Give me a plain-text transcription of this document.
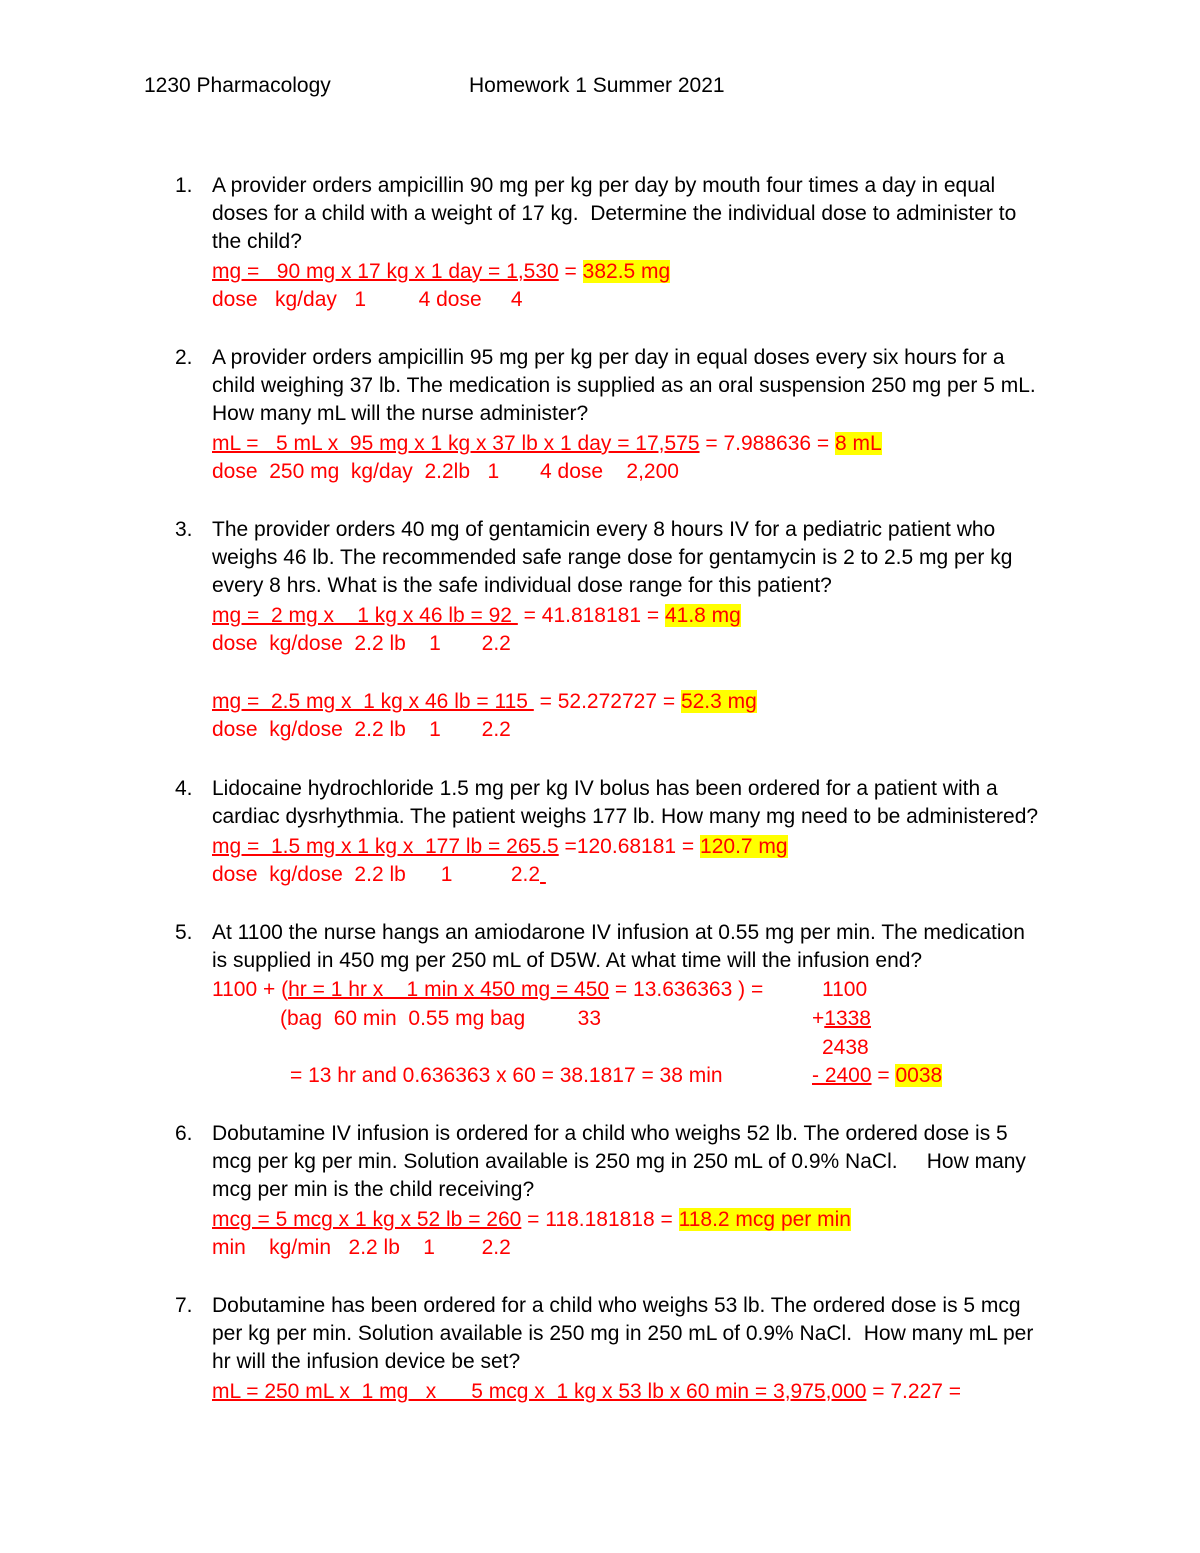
1230 Pharmacology	Homework 1 Summer 2021
1. A provider orders ampicillin 90 mg per kg per day by mouth four times a day in equal
doses for a child with a weight of 17 kg.  Determine the individual dose to administer to
the child?
mg =   90 mg x 17 kg x 1 day = 1,530 = 382.5 mg
dose   kg/day   1         4 dose     4
2. A provider orders ampicillin 95 mg per kg per day in equal doses every six hours for a
child weighing 37 lb. The medication is supplied as an oral suspension 250 mg per 5 mL.
How many mL will the nurse administer?
mL =   5 mL x  95 mg x 1 kg x 37 lb x 1 day = 17,575 = 7.988636 = 8 mL
dose  250 mg  kg/day  2.2lb   1       4 dose    2,200
3. The provider orders 40 mg of gentamicin every 8 hours IV for a pediatric patient who
weighs 46 lb. The recommended safe range dose for gentamycin is 2 to 2.5 mg per kg
every 8 hrs. What is the safe individual dose range for this patient?
mg =  2 mg x    1 kg x 46 lb = 92  = 41.818181 = 41.8 mg
dose  kg/dose  2.2 lb    1       2.2
mg =  2.5 mg x  1 kg x 46 lb = 115  = 52.272727 = 52.3 mg
dose  kg/dose  2.2 lb    1       2.2
4. Lidocaine hydrochloride 1.5 mg per kg IV bolus has been ordered for a patient with a
cardiac dysrhythmia. The patient weighs 177 lb. How many mg need to be administered?
mg =  1.5 mg x 1 kg x  177 lb = 265.5 =120.68181 = 120.7 mg
dose  kg/dose  2.2 lb      1          2.2
5. At 1100 the nurse hangs an amiodarone IV infusion at 0.55 mg per min. The medication
is supplied in 450 mg per 250 mL of D5W. At what time will the infusion end?
1100 + (hr = 1 hr x    1 min x 450 mg = 450 = 13.636363 ) =
(bag  60 min  0.55 mg bag         33
= 13 hr and 0.636363 x 60 = 38.1817 = 38 min
1100
+1338
2438
- 2400 = 0038
6. Dobutamine IV infusion is ordered for a child who weighs 52 lb. The ordered dose is 5
mcg per kg per min. Solution available is 250 mg in 250 mL of 0.9% NaCl.     How many
mcg per min is the child receiving?
mcg = 5 mcg x 1 kg x 52 lb = 260 = 118.181818 = 118.2 mcg per min
min    kg/min   2.2 lb    1        2.2
7. Dobutamine has been ordered for a child who weighs 53 lb. The ordered dose is 5 mcg
per kg per min. Solution available is 250 mg in 250 mL of 0.9% NaCl.  How many mL per
hr will the infusion device be set?
mL = 250 mL x  1 mg   x      5 mcg x  1 kg x 53 lb x 60 min = 3,975,000 = 7.227 =
